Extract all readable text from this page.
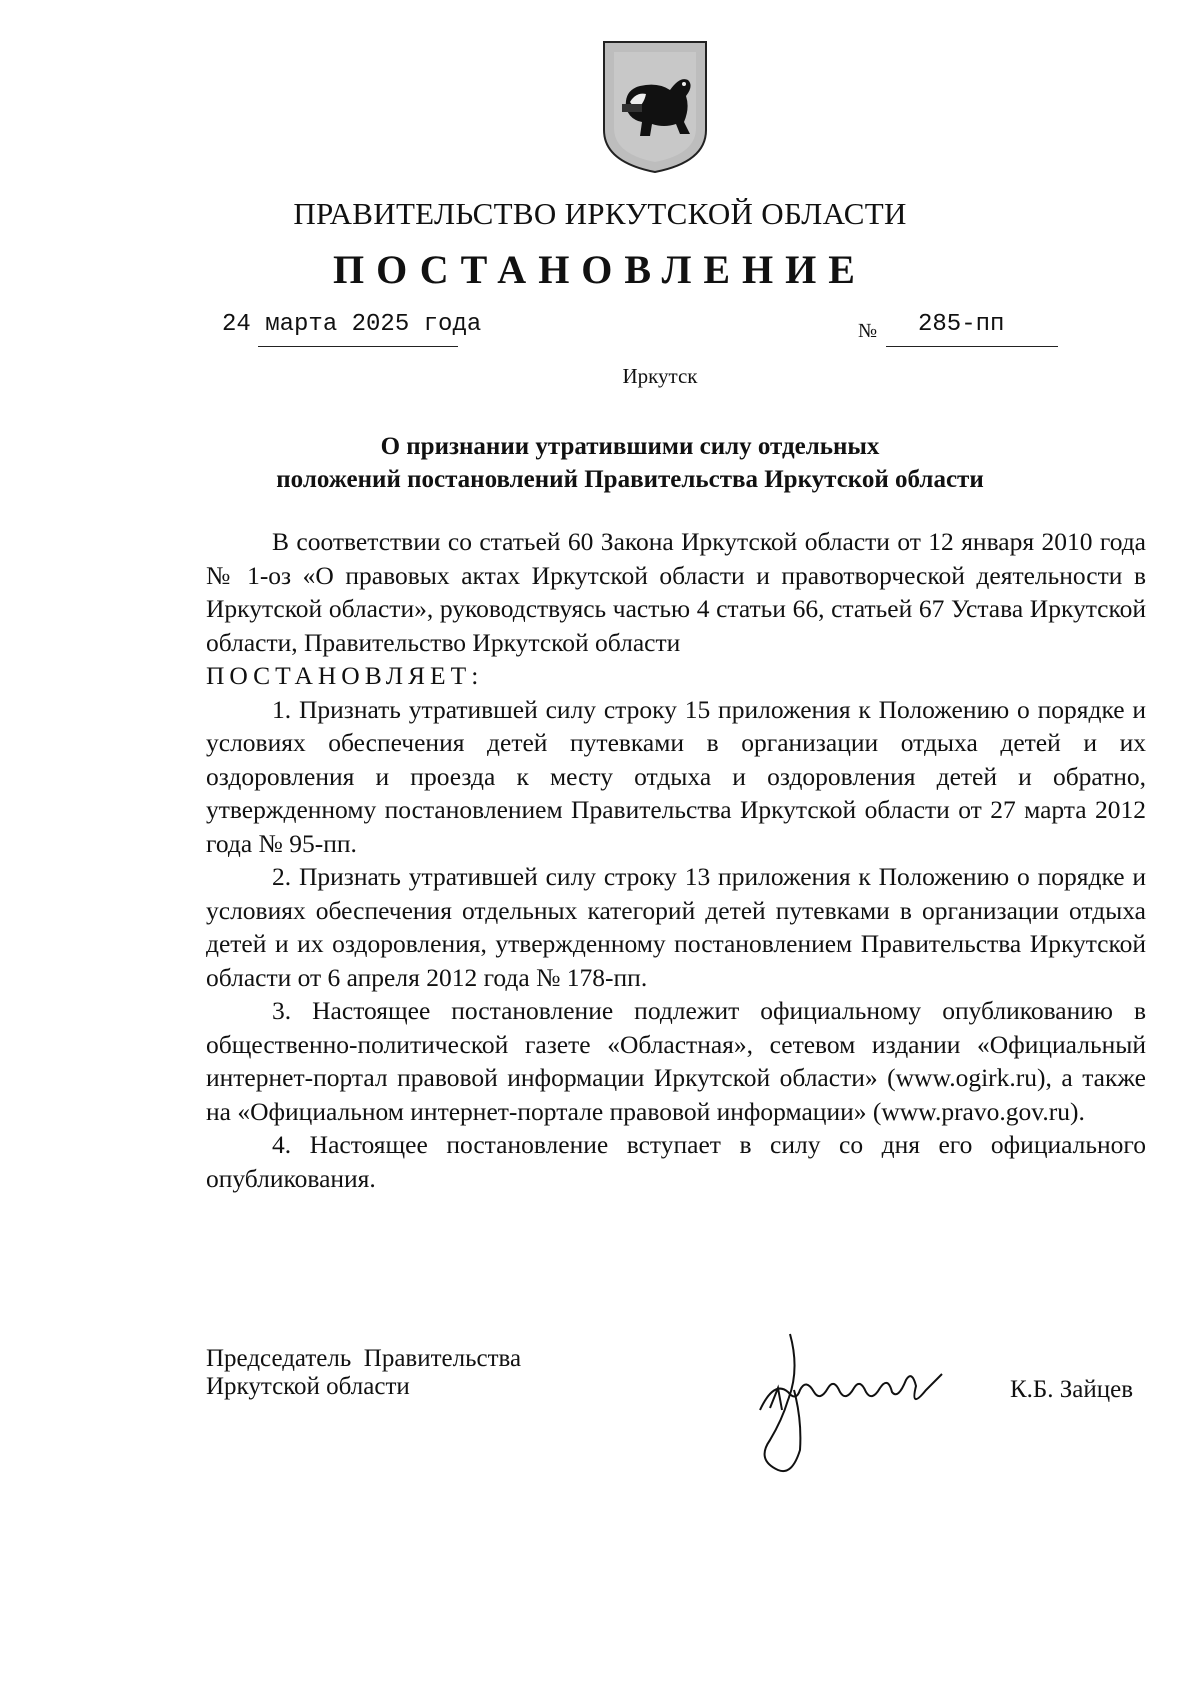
ПРАВИТЕЛЬСТВО ИРКУТСКОЙ ОБЛАСТИ
ПОСТАНОВЛЕНИЕ
24 марта 2025 года	№ 285-пп
Иркутск
О признании утратившими силу отдельных
положений постановлений Правительства Иркутской области

В соответствии со статьей 60 Закона Иркутской области от 12 января 2010 года № 1-оз «О правовых актах Иркутской области и правотворческой деятельности в Иркутской области», руководствуясь частью 4 статьи 66, статьей 67 Устава Иркутской области, Правительство Иркутской области

ПОСТАНОВЛЯЕТ:

1. Признать утратившей силу строку 15 приложения к Положению о порядке и условиях обеспечения детей путевками в организации отдыха детей и их оздоровления и проезда к месту отдыха и оздоровления детей и обратно, утвержденному постановлением Правительства Иркутской области от 27 марта 2012 года № 95-пп.

2. Признать утратившей силу строку 13 приложения к Положению о порядке и условиях обеспечения отдельных категорий детей путевками в организации отдыха детей и их оздоровления, утвержденному постановлением Правительства Иркутской области от 6 апреля 2012 года № 178-пп.

3. Настоящее постановление подлежит официальному опубликованию в общественно-политической газете «Областная», сетевом издании «Официальный интернет-портал правовой информации Иркутской области» (www.ogirk.ru), а также на «Официальном интернет-портале правовой информации» (www.pravo.gov.ru).

4. Настоящее постановление вступает в силу со дня его официального опубликования.

Председатель  Правительства
Иркутской области	К.Б. Зайцев
